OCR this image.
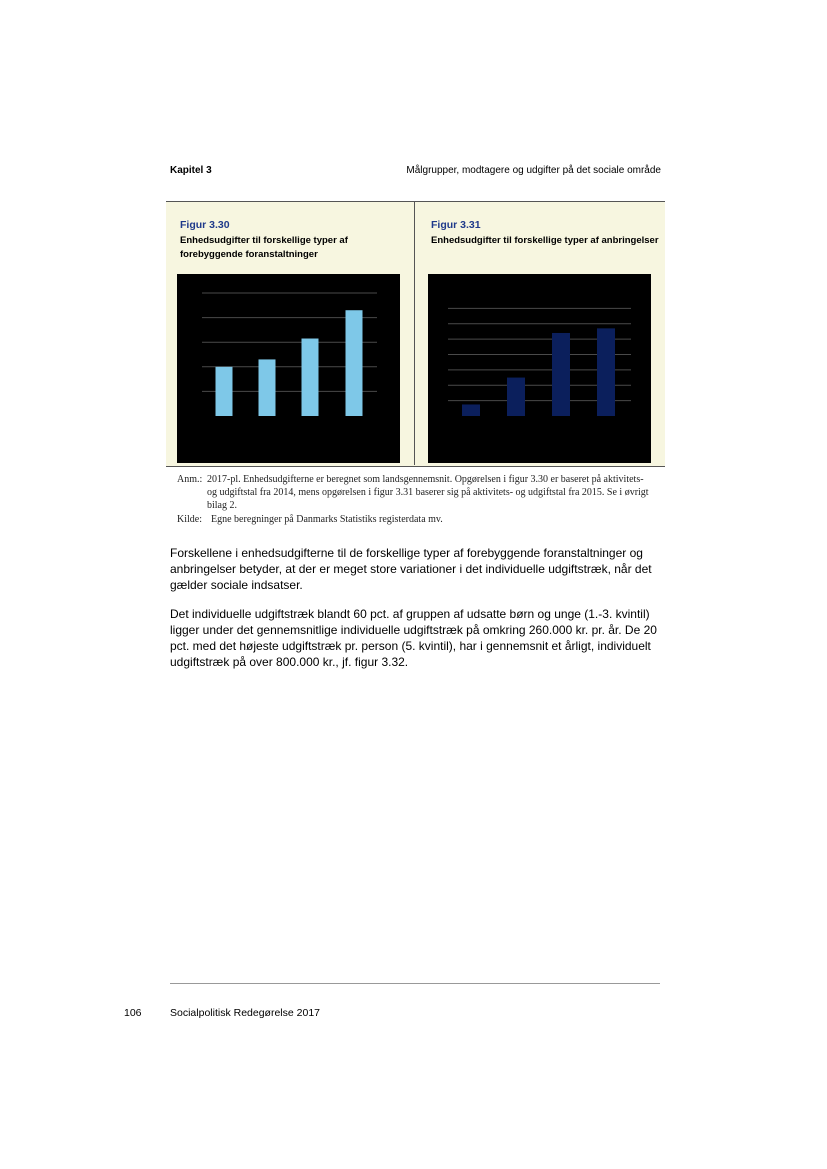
Kapitel 3	Målgrupper, modtagere og udgifter på det sociale område
Figur 3.30
Enhedsudgifter til forskellige typer af forebyggende foranstaltninger
Figur 3.31
Enhedsudgifter til forskellige typer af anbringelser
Anm.: 2017-pl. Enhedsudgifterne er beregnet som landsgennemsnit. Opgørelsen i figur 3.30 er baseret på aktivitets- og udgiftstal fra 2014, mens opgørelsen i figur 3.31 baserer sig på aktivitets- og udgiftstal fra 2015. Se i øvrigt bilag 2.
Kilde: Egne beregninger på Danmarks Statistiks registerdata mv.
Forskellene i enhedsudgifterne til de forskellige typer af forebyggende foranstaltninger og anbringelser betyder, at der er meget store variationer i det individuelle udgiftstræk, når det gælder sociale indsatser.
Det individuelle udgiftstræk blandt 60 pct. af gruppen af udsatte børn og unge (1.-3. kvintil) ligger under det gennemsnitlige individuelle udgiftstræk på omkring 260.000 kr. pr. år. De 20 pct. med det højeste udgiftstræk pr. person (5. kvintil), har i gennemsnit et årligt, individuelt udgiftstræk på over 800.000 kr., jf. figur 3.32.
106	Socialpolitisk Redegørelse 2017
